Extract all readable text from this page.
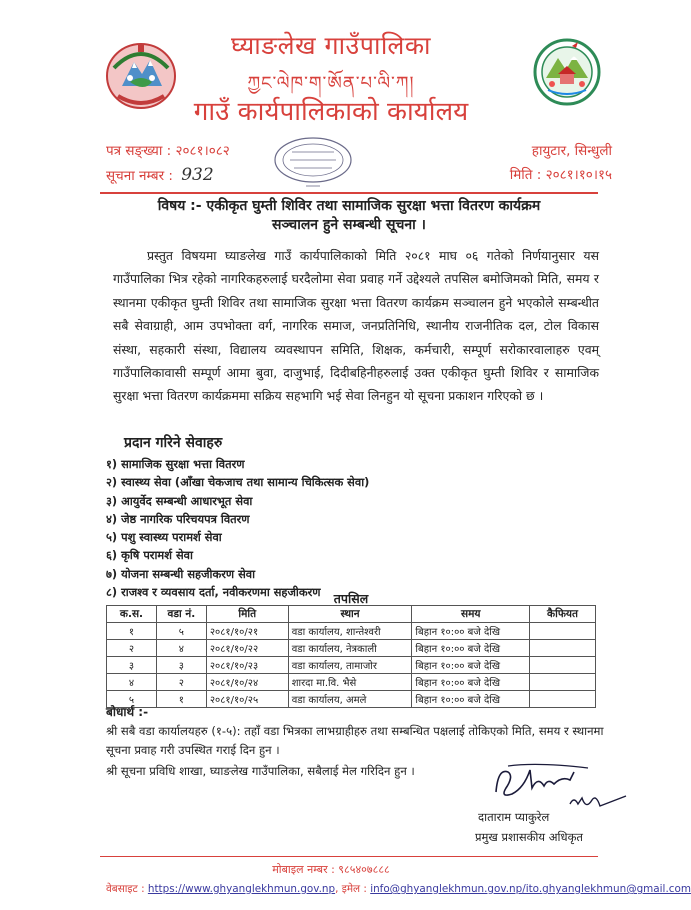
घ्याङलेख गाउँपालिका
ཀྱང་ལེཁ་ག་ཨོན་པ་ལི་ཀ།
गाउँ कार्यपालिकाको कार्यालय
पत्र सङ्ख्या : २०८१।०८२
सूचना नम्बर : 932
हायुटार, सिन्धुली
मिति : २०८१।१०।१५
विषय :- एकीकृत घुम्ती शिविर तथा सामाजिक सुरक्षा भत्ता वितरण कार्यक्रम
सञ्चालन हुने सम्बन्धी सूचना ।
प्रस्तुत विषयमा घ्याङलेख गाउँ कार्यपालिकाको मिति २०८१ माघ ०६ गतेको निर्णयानुसार यस गाउँपालिका भित्र रहेको नागरिकहरुलाई घरदैलोमा सेवा प्रवाह गर्ने उद्देश्यले तपसिल बमोजिमको मिति, समय र स्थानमा एकीकृत घुम्ती शिविर तथा सामाजिक सुरक्षा भत्ता वितरण कार्यक्रम सञ्चालन हुने भएकोले सम्बन्धीत सबै सेवाग्राही, आम उपभोक्ता वर्ग, नागरिक समाज, जनप्रतिनिधि, स्थानीय राजनीतिक दल, टोल विकास संस्था, सहकारी संस्था, विद्यालय व्यवस्थापन समिति, शिक्षक, कर्मचारी, सम्पूर्ण सरोकारवालाहरु एवम् गाउँपालिकावासी सम्पूर्ण आमा बुवा, दाजुभाई, दिदीबहिनीहरुलाई उक्त एकीकृत घुम्ती शिविर र सामाजिक सुरक्षा भत्ता वितरण कार्यक्रममा सक्रिय सहभागि भई सेवा लिनहुन यो सूचना प्रकाशन गरिएको छ ।
प्रदान गरिने सेवाहरु
१) सामाजिक सुरक्षा भत्ता वितरण
२) स्वास्थ्य सेवा (आँखा चेकजाच तथा सामान्य चिकित्सक सेवा)
३) आयुर्वेद सम्बन्धी आधारभूत सेवा
४) जेष्ठ नागरिक परिचयपत्र वितरण
५) पशु स्वास्थ्य परामर्श सेवा
६) कृषि परामर्श सेवा
७) योजना सम्बन्धी सहजीकरण सेवा
८) राजश्व र व्यवसाय दर्ता, नवीकरणमा सहजीकरण	तपसिल
क.स.	वडा नं.	मिति	स्थान	समय	कैफियत
१	५	२०८१/१०/२१	वडा कार्यालय, शान्तेश्वरी	बिहान १०:०० बजे देखि	
२	४	२०८१/१०/२२	वडा कार्यालय, नेत्रकाली	बिहान १०:०० बजे देखि	
३	३	२०८१/१०/२३	वडा कार्यालय, तामाजोर	बिहान १०:०० बजे देखि	
४	२	२०८१/१०/२४	शारदा मा.वि. भैसे	बिहान १०:०० बजे देखि	
५	१	२०८१/१०/२५	वडा कार्यालय, अमले	बिहान १०:०० बजे देखि	
बोधार्थ :-
श्री सबै वडा कार्यालयहरु (१-५): तहाँ वडा भित्रका लाभग्राहीहरु तथा सम्बन्धित पक्षलाई तोकिएको मिति, समय र स्थानमा सूचना प्रवाह गरी उपस्थित गराई दिन हुन ।
श्री सूचना प्रविधि शाखा, घ्याङलेख गाउँपालिका, सबैलाई मेल गरिदिन हुन ।
दाताराम प्याकुरेल
प्रमुख प्रशासकीय अधिकृत
मोबाइल नम्बर : ९८५४०७८८८
वेबसाइट : https://www.ghyanglekhmun.gov.np, इमेल : info@ghyanglekhmun.gov.np/ito.ghyanglekhmun@gmail.com
